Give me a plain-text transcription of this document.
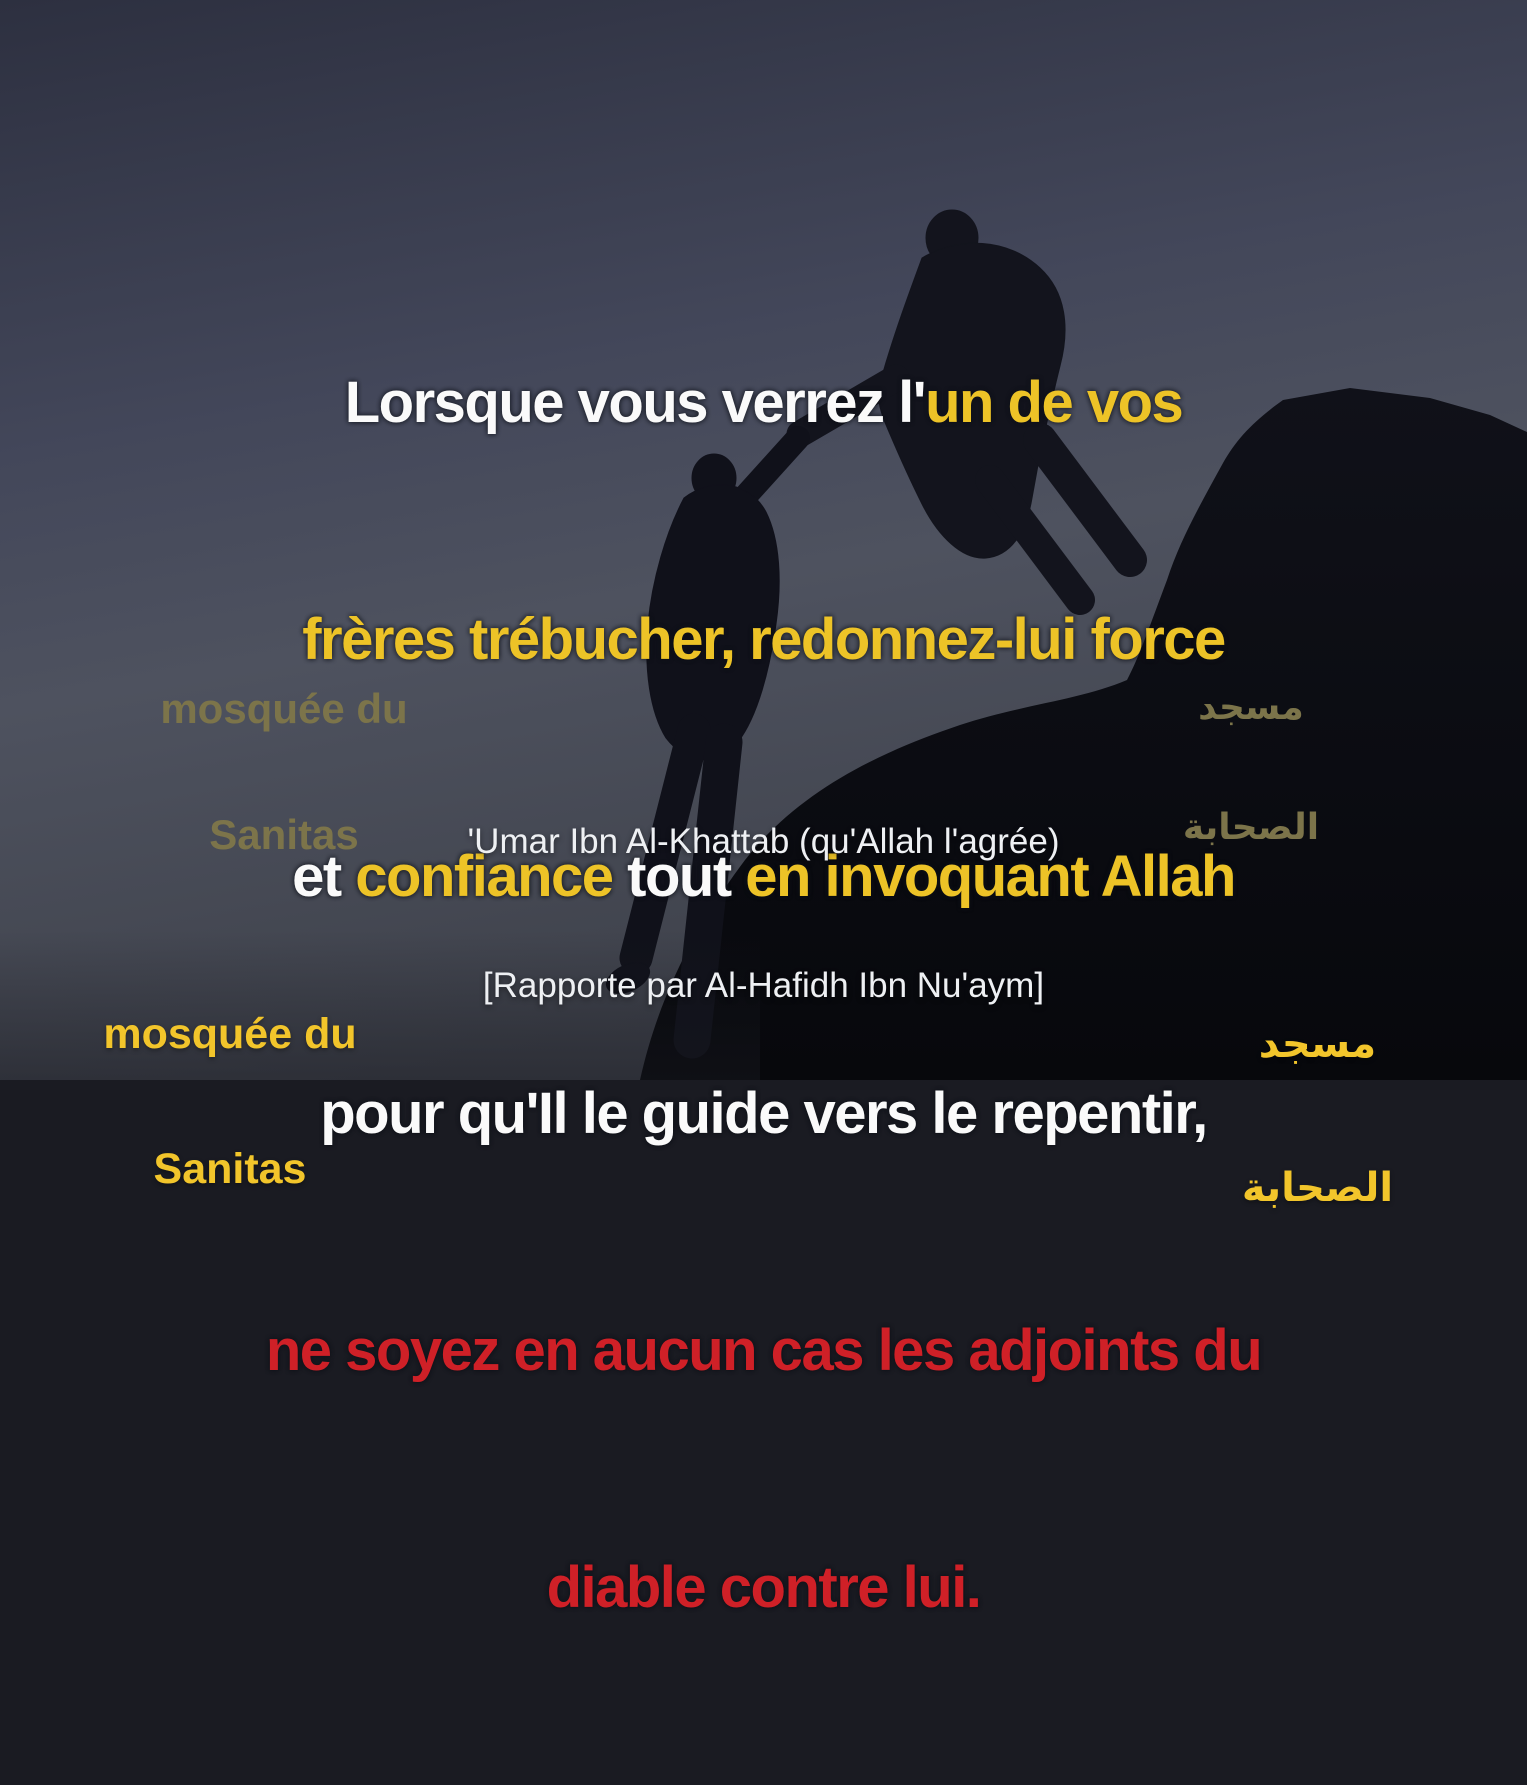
Lorsque vous verrez l'un de vos

frères trébucher, redonnez-lui force

et confiance tout en invoquant Allah

pour qu'Il le guide vers le repentir,

ne soyez en aucun cas les adjoints du

diable contre lui.

'Umar Ibn Al-Khattab (qu'Allah l'agrée)

[Rapporte par Al-Hafidh Ibn Nu'aym]

mosquée du

Sanitas

مسجد

الصحابة

mosquée du

Sanitas

مسجد

الصحابة
